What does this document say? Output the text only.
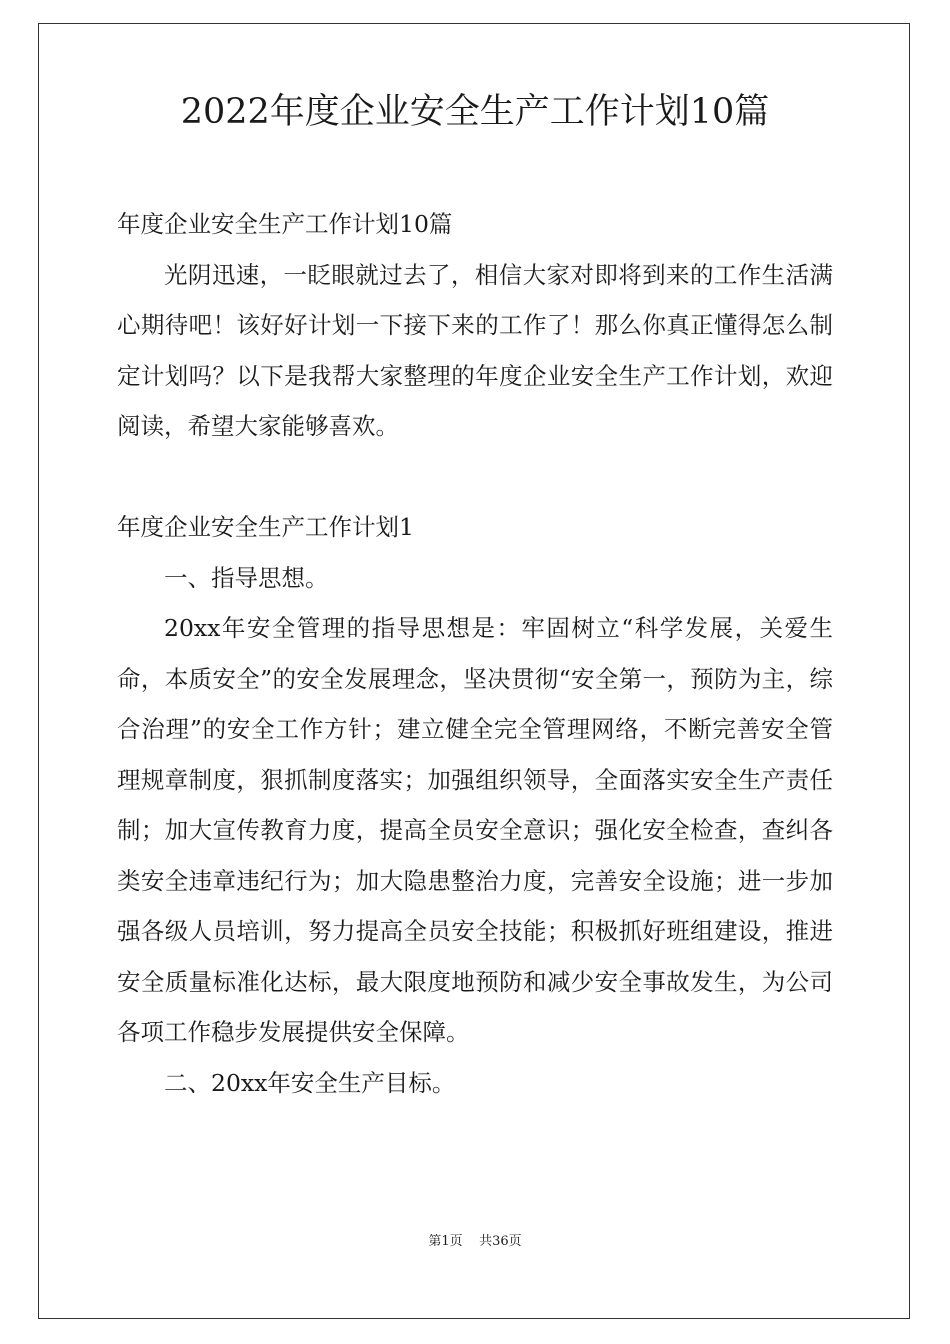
2022年度企业安全生产工作计划10篇

年度企业安全生产工作计划10篇

光阴迅速，一眨眼就过去了，相信大家对即将到来的工作生活满心期待吧！该好好计划一下接下来的工作了！那么你真正懂得怎么制定计划吗？以下是我帮大家整理的年度企业安全生产工作计划，欢迎阅读，希望大家能够喜欢。

年度企业安全生产工作计划1

一、指导思想。

20xx年安全管理的指导思想是：牢固树立“科学发展，关爱生命，本质安全”的安全发展理念，坚决贯彻“安全第一，预防为主，综合治理”的安全工作方针；建立健全完全管理网络，不断完善安全管理规章制度，狠抓制度落实；加强组织领导，全面落实安全生产责任制；加大宣传教育力度，提高全员安全意识；强化安全检查，查纠各类安全违章违纪行为；加大隐患整治力度，完善安全设施；进一步加强各级人员培训，努力提高全员安全技能；积极抓好班组建设，推进安全质量标准化达标，最大限度地预防和减少安全事故发生，为公司各项工作稳步发展提供安全保障。

二、20xx年安全生产目标。

第1页    共36页
